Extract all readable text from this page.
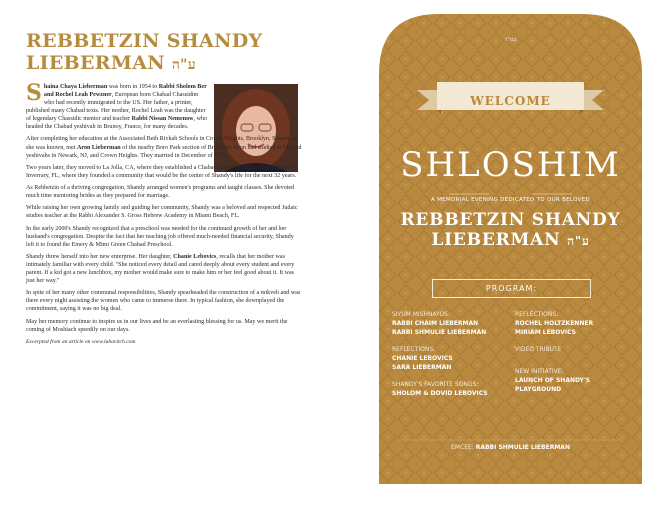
REBBETZIN SHANDY
LIEBERMAN ע"ה

Shaina Chaya Lieberman was born in 1954 to Rabbi Sholom Ber and Rochel Leah Pewzner, European born Chabad Chassidim who had recently immigrated to the US. Her father, a printer, published many Chabad texts. Her mother, Rochel Leah was the daughter of legendary Chassidic mentor and teacher Rabbi Nissan Nemenow, who headed the Chabad yeshivah in Brunoy, France, for many decades.

After completing her education at the Associated Beth Rivkah Schools in Crown Heights, Brooklyn, Shandy, as she was known, met Aron Lieberman of the nearby Boro Park section of Brooklyn. Aron had studied at Chabad yeshivahs in Newark, NJ, and Crown Heights. They married in December of 1975.

Two years later, they moved to La Jolla, CA, where they established a Chabad center. In 1981, they relocated to Inverrary, FL, where they founded a community that would be the center of Shandy's life for the next 32 years.

As Rebbetzin of a thriving congregation, Shandy arranged women's programs and taught classes. She devoted much time mentoring brides as they prepared for marriage.

While raising her own growing family and guiding her community, Shandy was a beloved and respected Judaic studies teacher at the Rabbi Alexander S. Gross Hebrew Academy in Miami Beach, FL.

In the early 2000's Shandy recognized that a preschool was needed for the continued growth of her and her husband's congregation. Despite the fact that her teaching job offered much-needed financial security, Shandy left it to found the Emery & Mimi Green Chabad Preschool.

Shandy threw herself into her new enterprise. Her daughter, Chanie Lebovics, recalls that her mother was intimately familiar with every child. "She noticed every detail and cared deeply about every student and every parent. If a kid got a new lunchbox, my mother would make sure to make him or her feel good about it. It was just her way."

In spite of her many other communal responsibilities, Shandy spearheaded the construction of a mikveh and was there every night assisting the women who came to immerse there. In typical fashion, she downplayed the commitment, saying it was no big deal.

May her memory continue to inspire us in our lives and be an everlasting blessing for us. May we merit the coming of Moshiach speedily on our days.

Excerpted from an article on www.lubavitch.com
בס"ד
WELCOME
SHLOSHIM
A MEMORIAL EVENING DEDICATED TO OUR BELOVED
REBBETZIN SHANDY
LIEBERMAN ע"ה
PROGRAM:
SIYUM MISHNAYUS:
RABBI CHAIM LIEBERMAN
RABBI SHMULIE LIEBERMAN
REFLECTIONS:
CHANIE LEBOVICS
SARA LIEBERMAN
SHANDY'S FAVORITE SONGS:
SHOLOM & DOVID LEBOVICS
REFLECTIONS:
ROCHEL HOLTZKENNER
MIRIAM LEBOVICS
VIDEO TRIBUTE
NEW INITIATIVE:
LAUNCH OF SHANDY'S
PLAYGROUND
EMCEE: RABBI SHMULIE LIEBERMAN
